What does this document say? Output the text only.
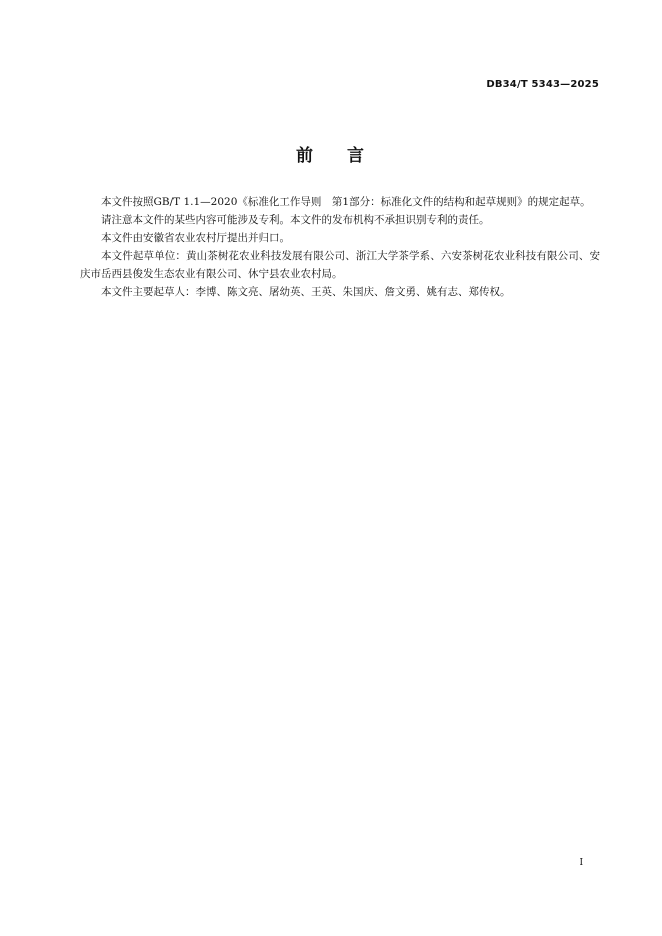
DB34/T 5343—2025
前 言

本文件按照GB/T 1.1—2020《标准化工作导则　第1部分：标准化文件的结构和起草规则》的规定起草。

请注意本文件的某些内容可能涉及专利。本文件的发布机构不承担识别专利的责任。

本文件由安徽省农业农村厅提出并归口。

本文件起草单位：黄山茶树花农业科技发展有限公司、浙江大学茶学系、六安茶树花农业科技有限公司、安庆市岳西县俊发生态农业有限公司、休宁县农业农村局。

本文件主要起草人：李博、陈文亮、屠幼英、王英、朱国庆、詹文勇、姚有志、郑传权。

I
